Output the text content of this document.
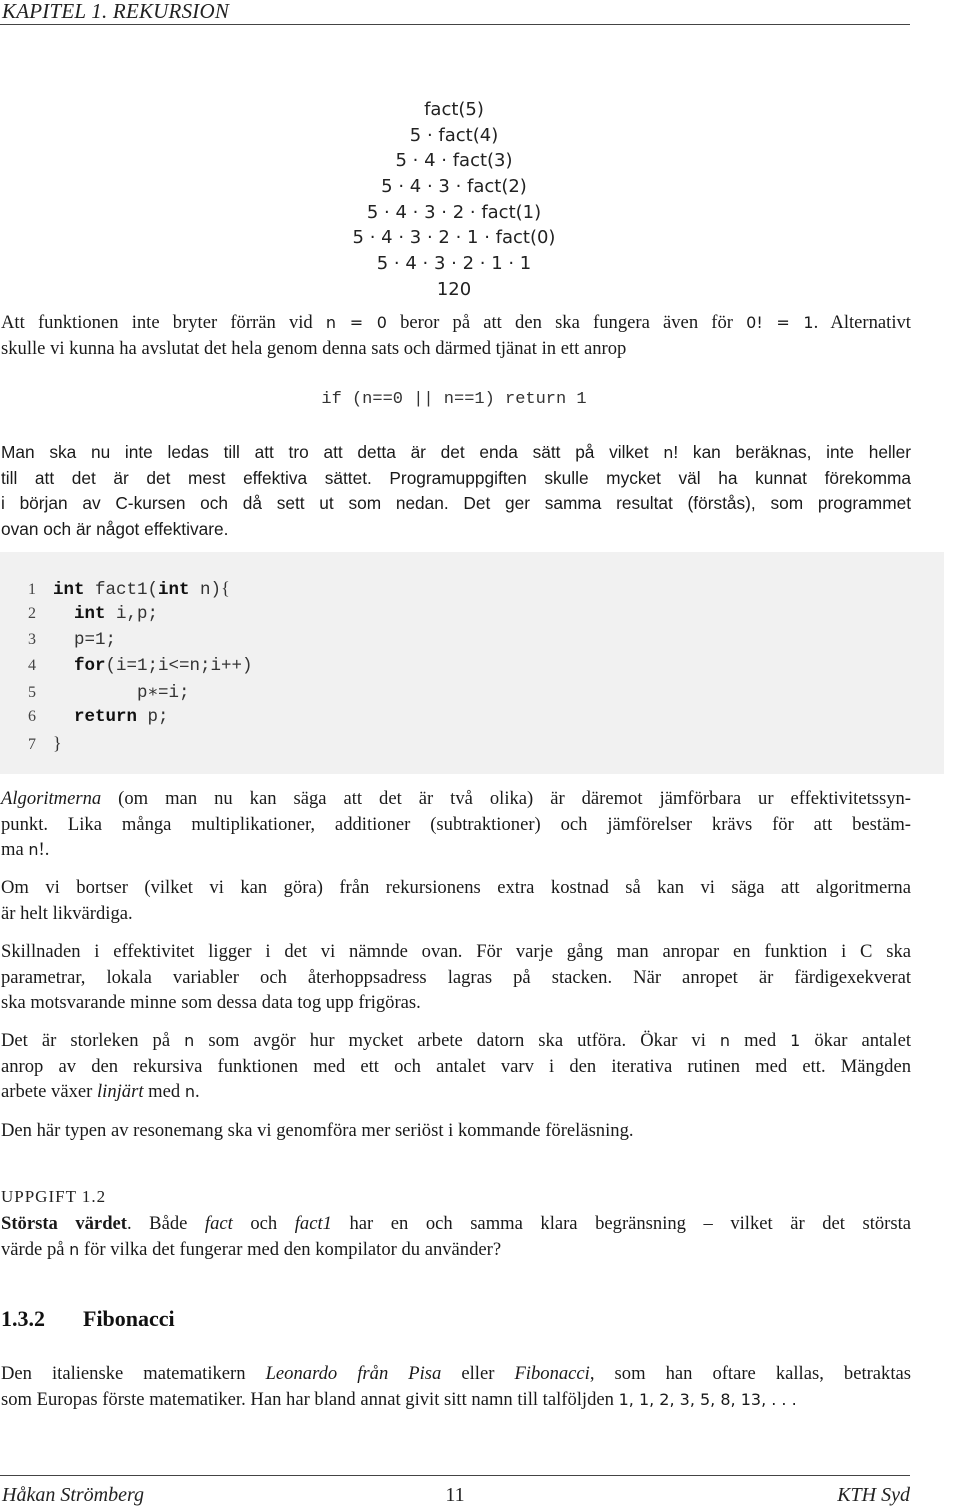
KAPITEL 1. REKURSION
fact(5)
5 · fact(4)
5 · 4 · fact(3)
5 · 4 · 3 · fact(2)
5 · 4 · 3 · 2 · fact(1)
5 · 4 · 3 · 2 · 1 · fact(0)
5 · 4 · 3 · 2 · 1 · 1
120
Att funktionen inte bryter förrän vid n = 0 beror på att den ska fungera även för 0! = 1. Alternativt
skulle vi kunna ha avslutat det hela genom denna sats och därmed tjänat in ett anrop
if (n==0 || n==1) return 1
Man ska nu inte ledas till att tro att detta är det enda sätt på vilket n! kan beräknas, inte heller
till att det är det mest effektiva sättet. Programuppgiften skulle mycket väl ha kunnat förekomma
i början av C-kursen och då sett ut som nedan. Det ger samma resultat (förstås), som programmet
ovan och är något effektivare.
1 int fact1(int n){
2 int i,p;
3 p=1;
4 for(i=1;i<=n;i++)
5	p∗=i;
6 return p;
7 }
Algoritmerna (om man nu kan säga att det är två olika) är däremot jämförbara ur effektivitetssyn-
punkt. Lika många multiplikationer, additioner (subtraktioner) och jämförelser krävs för att bestäm-
ma n!.
Om vi bortser (vilket vi kan göra) från rekursionens extra kostnad så kan vi säga att algoritmerna
är helt likvärdiga.
Skillnaden i effektivitet ligger i det vi nämnde ovan. För varje gång man anropar en funktion i C ska
parametrar, lokala variabler och återhoppsadress lagras på stacken. När anropet är färdigexekverat
ska motsvarande minne som dessa data tog upp frigöras.
Det är storleken på n som avgör hur mycket arbete datorn ska utföra. Ökar vi n med 1 ökar antalet
anrop av den rekursiva funktionen med ett och antalet varv i den iterativa rutinen med ett. Mängden
arbete växer linjärt med n.
Den här typen av resonemang ska vi genomföra mer seriöst i kommande föreläsning.
UPPGIFT 1.2
Största värdet. Både fact och fact1 har en och samma klara begränsning – vilket är det största
värde på n för vilka det fungerar med den kompilator du använder?
1.3.2 Fibonacci
Den italienske matematikern Leonardo från Pisa eller Fibonacci, som han oftare kallas, betraktas
som Europas förste matematiker. Han har bland annat givit sitt namn till talföljden 1, 1, 2, 3, 5, 8, 13, . . .
Håkan Strömberg	11	KTH Syd
